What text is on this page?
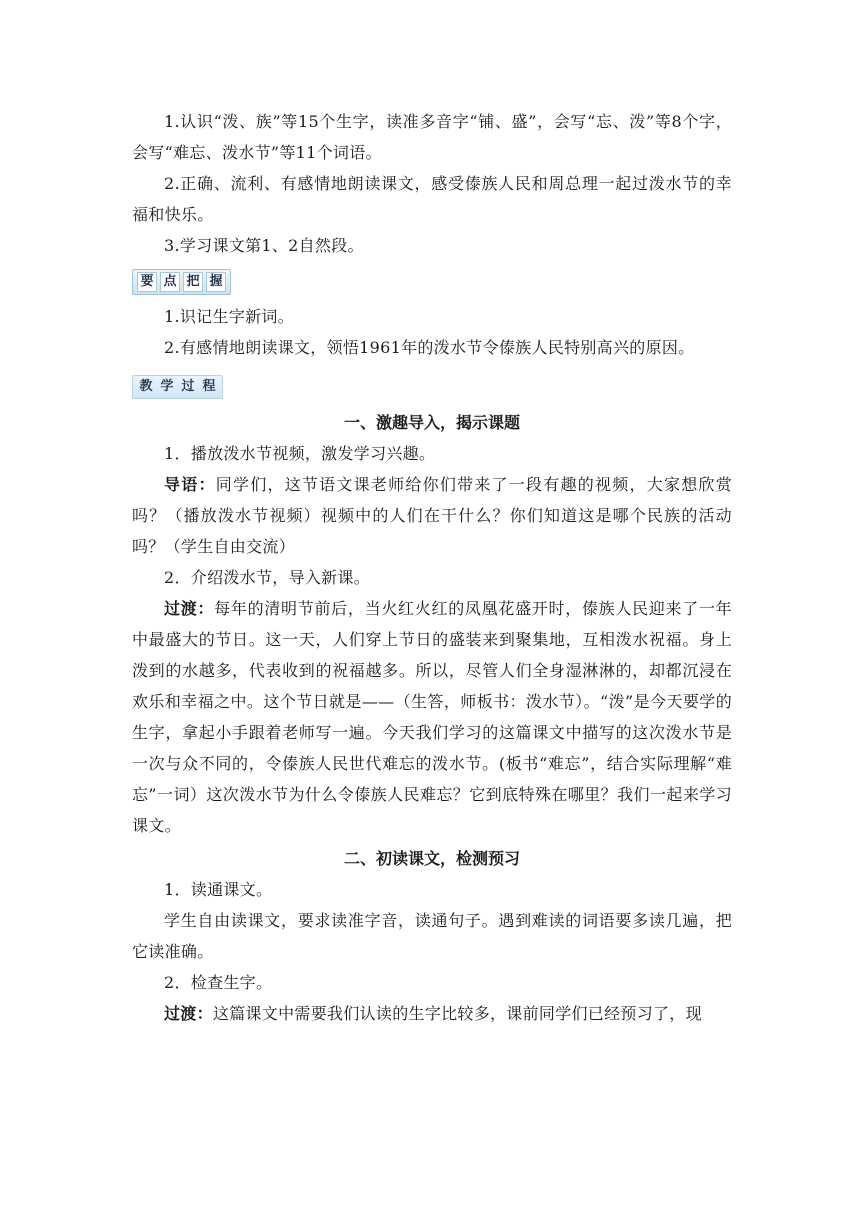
1.认识“泼、族”等15个生字，读准多音字“铺、盛”，会写“忘、泼”等8个字，会写“难忘、泼水节”等11个词语。

2.正确、流利、有感情地朗读课文，感受傣族人民和周总理一起过泼水节的幸福和快乐。

3.学习课文第1、2自然段。

要 点 把 握

1.识记生字新词。

2.有感情地朗读课文，领悟1961年的泼水节令傣族人民特别高兴的原因。

教 学 过 程

一、激趣导入，揭示课题

1．播放泼水节视频，激发学习兴趣。

导语：同学们，这节语文课老师给你们带来了一段有趣的视频，大家想欣赏吗？（播放泼水节视频）视频中的人们在干什么？你们知道这是哪个民族的活动吗？（学生自由交流）

2．介绍泼水节，导入新课。

过渡：每年的清明节前后，当火红火红的凤凰花盛开时，傣族人民迎来了一年中最盛大的节日。这一天，人们穿上节日的盛装来到聚集地，互相泼水祝福。身上泼到的水越多，代表收到的祝福越多。所以，尽管人们全身湿淋淋的，却都沉浸在欢乐和幸福之中。这个节日就是——（生答，师板书：泼水节）。“泼”是今天要学的生字，拿起小手跟着老师写一遍。今天我们学习的这篇课文中描写的这次泼水节是一次与众不同的，令傣族人民世代难忘的泼水节。(板书“难忘”，结合实际理解“难忘”一词）这次泼水节为什么令傣族人民难忘？它到底特殊在哪里？我们一起来学习课文。

二、初读课文，检测预习

1．读通课文。

学生自由读课文，要求读准字音，读通句子。遇到难读的词语要多读几遍，把它读准确。

2．检查生字。

过渡：这篇课文中需要我们认读的生字比较多，课前同学们已经预习了，现
